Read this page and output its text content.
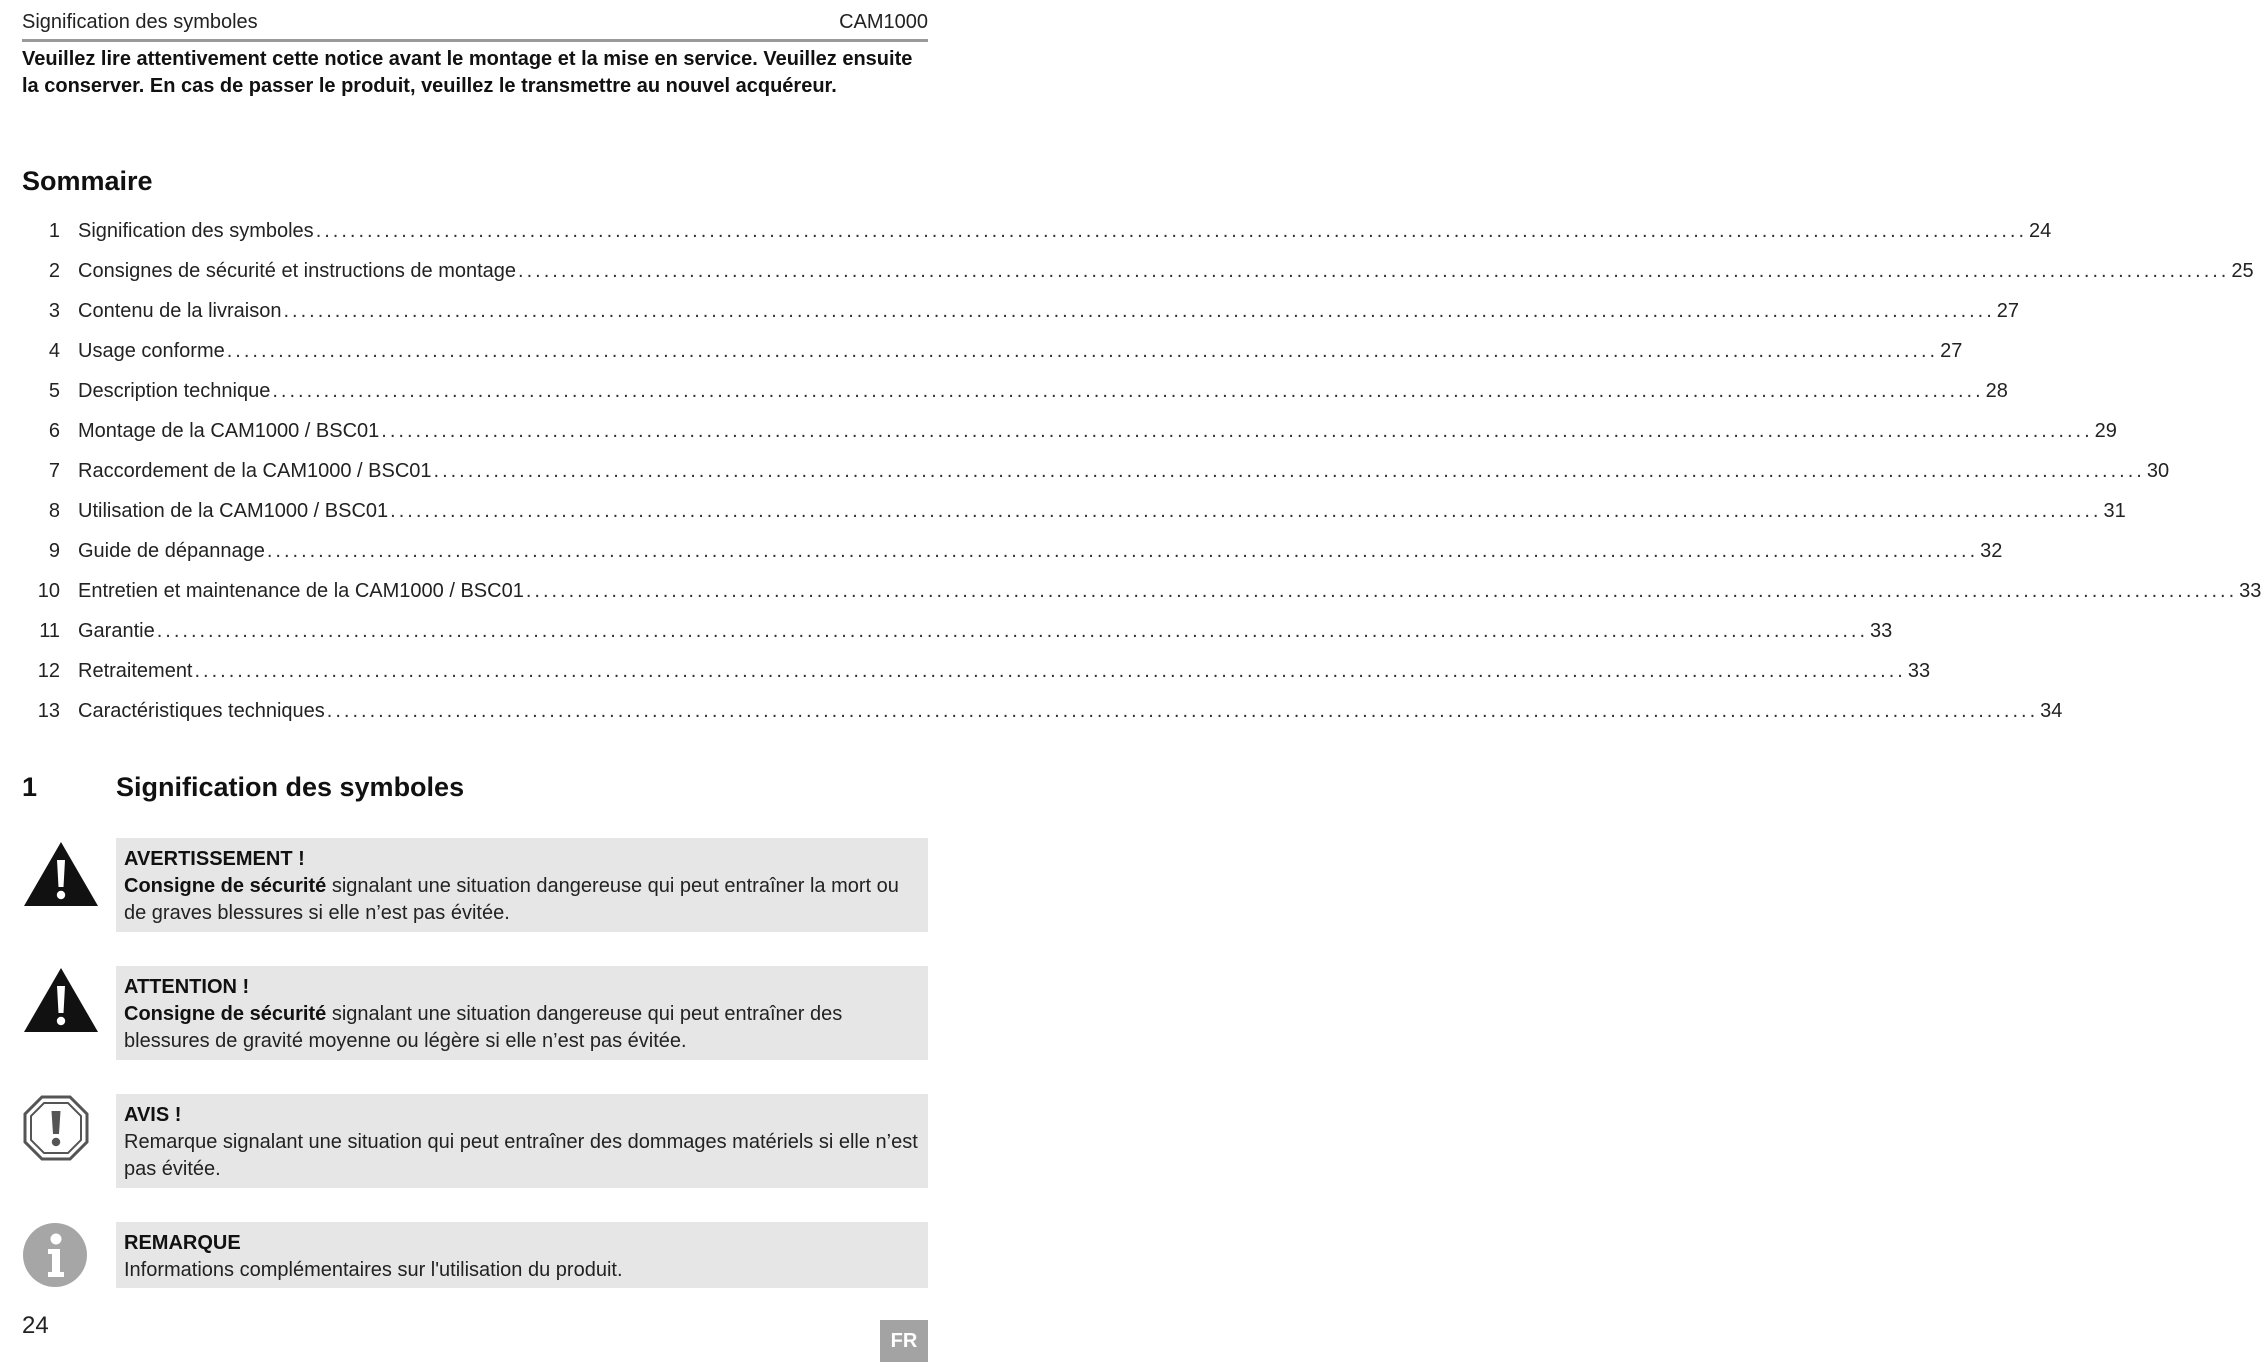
Signification des symboles	CAM1000
Veuillez lire attentivement cette notice avant le montage et la mise en service. Veuillez ensuite la conserver. En cas de passer le produit, veuillez le transmettre au nouvel acquéreur.
Sommaire
1 Signification des symboles ........................................................................................................................................................................................................ 24
2 Consignes de sécurité et instructions de montage ........................................................................................................................................................................................................ 25
3 Contenu de la livraison ........................................................................................................................................................................................................ 27
4 Usage conforme ........................................................................................................................................................................................................ 27
5 Description technique ........................................................................................................................................................................................................ 28
6 Montage de la CAM1000 / BSC01 ........................................................................................................................................................................................................ 29
7 Raccordement de la CAM1000 / BSC01 ........................................................................................................................................................................................................ 30
8 Utilisation de la CAM1000 / BSC01 ........................................................................................................................................................................................................ 31
9 Guide de dépannage ........................................................................................................................................................................................................ 32
10 Entretien et maintenance de la CAM1000 / BSC01 ........................................................................................................................................................................................................ 33
11 Garantie ........................................................................................................................................................................................................ 33
12 Retraitement ........................................................................................................................................................................................................ 33
13 Caractéristiques techniques ........................................................................................................................................................................................................ 34
1	Signification des symboles
AVERTISSEMENT !
Consigne de sécurité signalant une situation dangereuse qui peut entraîner la mort ou de graves blessures si elle n’est pas évitée.
ATTENTION !
Consigne de sécurité signalant une situation dangereuse qui peut entraîner des blessures de gravité moyenne ou légère si elle n’est pas évitée.
AVIS !
Remarque signalant une situation qui peut entraîner des dommages matériels si elle n’est pas évitée.
REMARQUE
Informations complémentaires sur l'utilisation du produit.
24
FR
